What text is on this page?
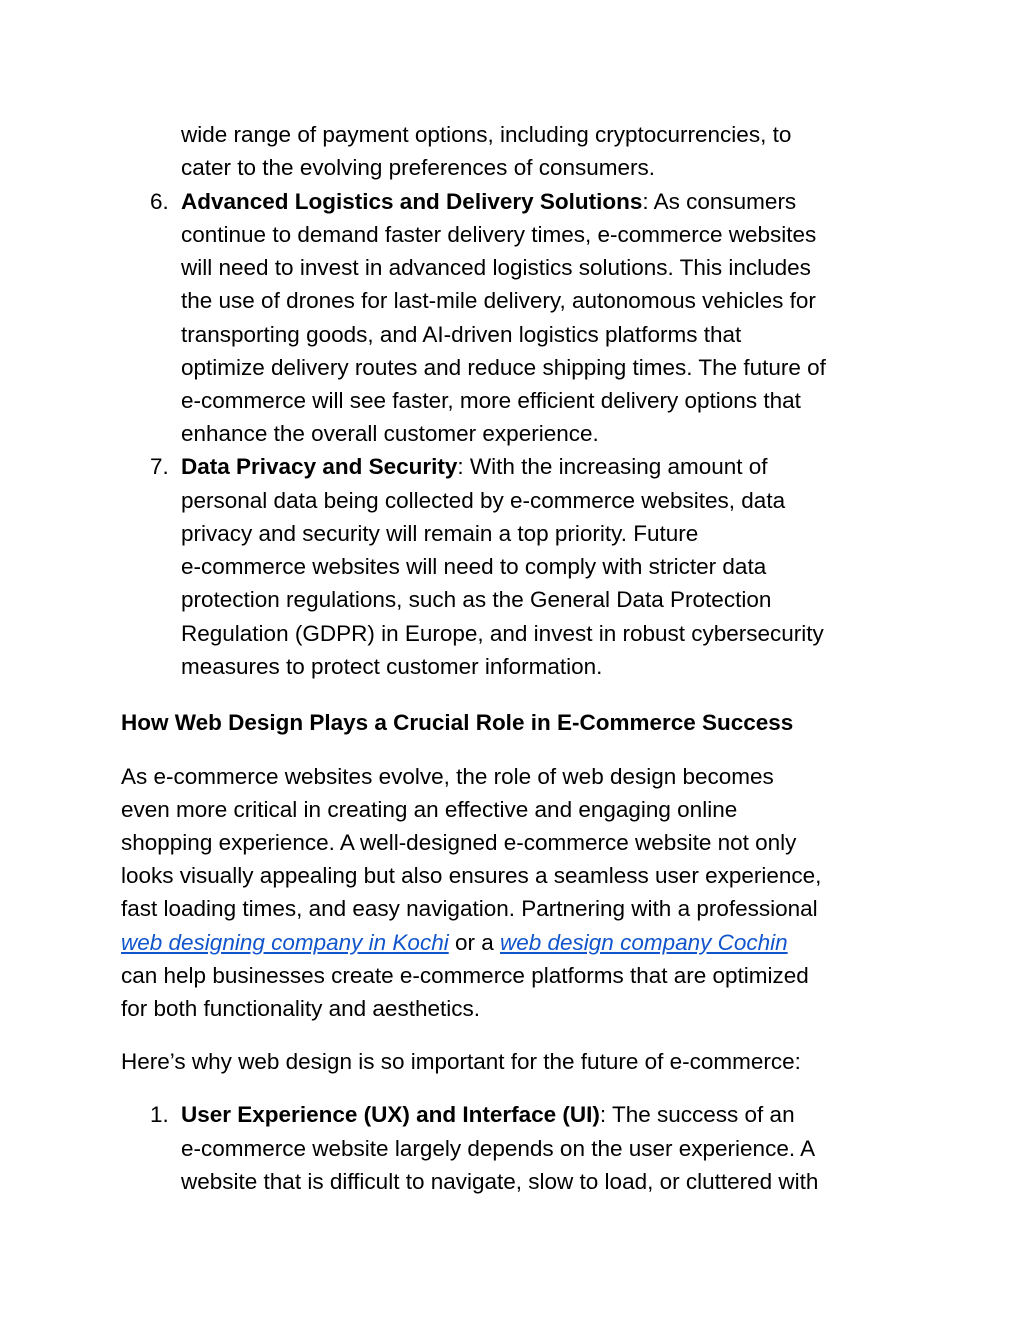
wide range of payment options, including cryptocurrencies, to
cater to the evolving preferences of consumers.
6. Advanced Logistics and Delivery Solutions: As consumers
continue to demand faster delivery times, e-commerce websites
will need to invest in advanced logistics solutions. This includes
the use of drones for last-mile delivery, autonomous vehicles for
transporting goods, and AI-driven logistics platforms that
optimize delivery routes and reduce shipping times. The future of
e-commerce will see faster, more efficient delivery options that
enhance the overall customer experience.
7. Data Privacy and Security: With the increasing amount of
personal data being collected by e-commerce websites, data
privacy and security will remain a top priority. Future
e-commerce websites will need to comply with stricter data
protection regulations, such as the General Data Protection
Regulation (GDPR) in Europe, and invest in robust cybersecurity
measures to protect customer information.
How Web Design Plays a Crucial Role in E-Commerce Success
As e-commerce websites evolve, the role of web design becomes
even more critical in creating an effective and engaging online
shopping experience. A well-designed e-commerce website not only
looks visually appealing but also ensures a seamless user experience,
fast loading times, and easy navigation. Partnering with a professional
web designing company in Kochi or a web design company Cochin
can help businesses create e-commerce platforms that are optimized
for both functionality and aesthetics.
Here’s why web design is so important for the future of e-commerce:
1. User Experience (UX) and Interface (UI): The success of an
e-commerce website largely depends on the user experience. A
website that is difficult to navigate, slow to load, or cluttered with
